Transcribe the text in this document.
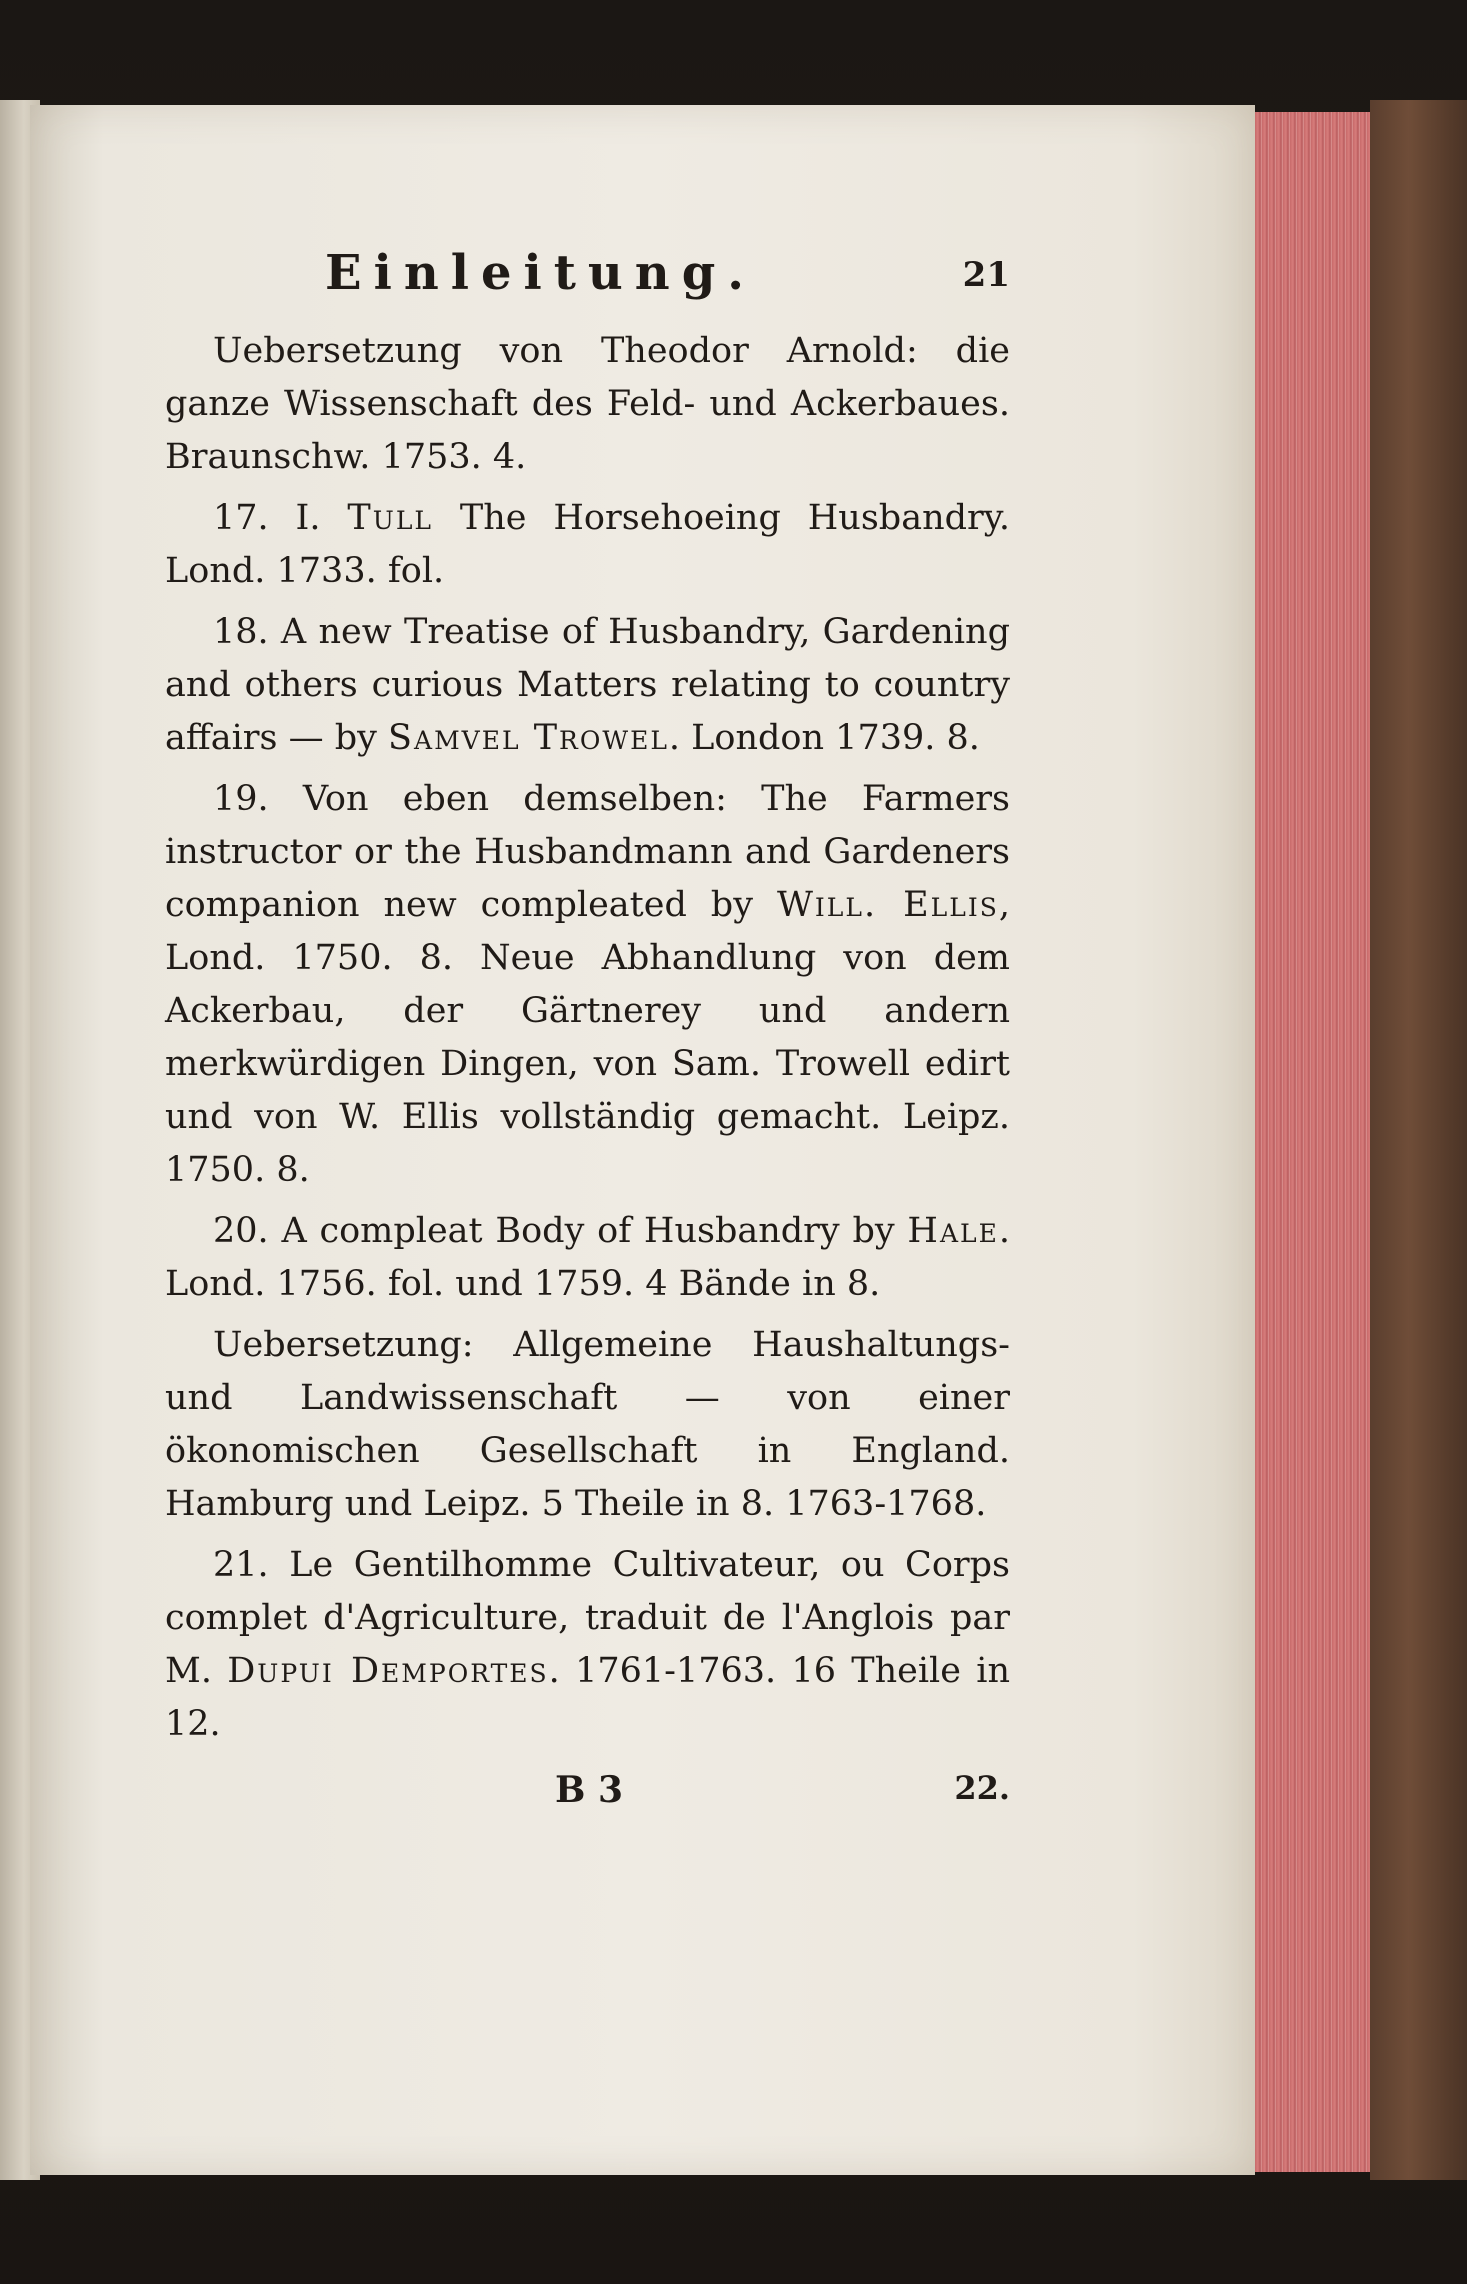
Einleitung.	21

Uebersetzung von Theodor Arnold: die ganze Wissenschaft des Feld- und Ackerbaues. Braunschw. 1753. 4.

17. I. Tull The Horsehoeing Husbandry. Lond. 1733. fol.

18. A new Treatise of Husbandry, Gardening and others curious Matters relating to country affairs — by Samvel Trowel. London 1739. 8.

19. Von eben demselben: The Farmers instructor or the Husbandmann and Gardeners companion new compleated by Will. Ellis, Lond. 1750. 8. Neue Abhandlung von dem Ackerbau, der Gärtnerey und andern merkwürdigen Dingen, von Sam. Trowell edirt und von W. Ellis vollständig gemacht. Leipz. 1750. 8.

20. A compleat Body of Husbandry by Hale. Lond. 1756. fol. und 1759. 4 Bände in 8.

Uebersetzung: Allgemeine Haushaltungs- und Landwissenschaft — von einer ökonomischen Gesellschaft in England. Hamburg und Leipz. 5 Theile in 8. 1763-1768.

21. Le Gentilhomme Cultivateur, ou Corps complet d'Agriculture, traduit de l'Anglois par M. Dupui Demportes. 1761-1763. 16 Theile in 12.

B 3	22.
